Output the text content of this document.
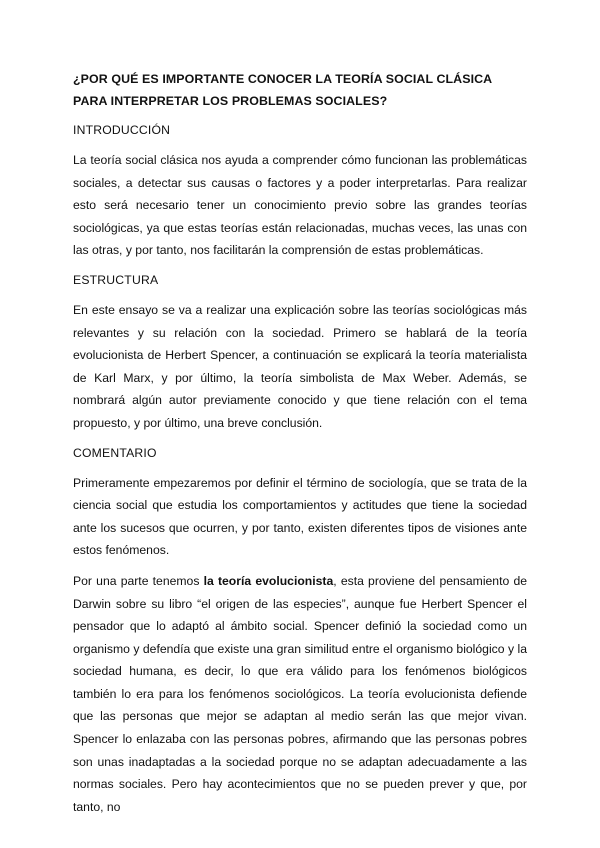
¿POR QUÉ ES IMPORTANTE CONOCER LA TEORÍA SOCIAL CLÁSICA PARA INTERPRETAR LOS PROBLEMAS SOCIALES?
INTRODUCCIÓN

La teoría social clásica nos ayuda a comprender cómo funcionan las problemáticas sociales, a detectar sus causas o factores y a poder interpretarlas. Para realizar esto será necesario tener un conocimiento previo sobre las grandes teorías sociológicas, ya que estas teorías están relacionadas, muchas veces, las unas con las otras, y por tanto, nos facilitarán la comprensión de estas problemáticas.

ESTRUCTURA

En este ensayo se va a realizar una explicación sobre las teorías sociológicas más relevantes y su relación con la sociedad. Primero se hablará de la teoría evolucionista de Herbert Spencer, a continuación se explicará la teoría materialista de Karl Marx, y por último, la teoría simbolista de Max Weber. Además, se nombrará algún autor previamente conocido y que tiene relación con el tema propuesto, y por último, una breve conclusión.

COMENTARIO

Primeramente empezaremos por definir el término de sociología, que se trata de la ciencia social que estudia los comportamientos y actitudes que tiene la sociedad ante los sucesos que ocurren, y por tanto, existen diferentes tipos de visiones ante estos fenómenos.

Por una parte tenemos la teoría evolucionista, esta proviene del pensamiento de Darwin sobre su libro “el origen de las especies”, aunque fue Herbert Spencer el pensador que lo adaptó al ámbito social. Spencer definió la sociedad como un organismo y defendía que existe una gran similitud entre el organismo biológico y la sociedad humana, es decir, lo que era válido para los fenómenos biológicos también lo era para los fenómenos sociológicos. La teoría evolucionista defiende que las personas que mejor se adaptan al medio serán las que mejor vivan. Spencer lo enlazaba con las personas pobres, afirmando que las personas pobres son unas inadaptadas a la sociedad porque no se adaptan adecuadamente a las normas sociales. Pero hay acontecimientos que no se pueden prever y que, por tanto, no
